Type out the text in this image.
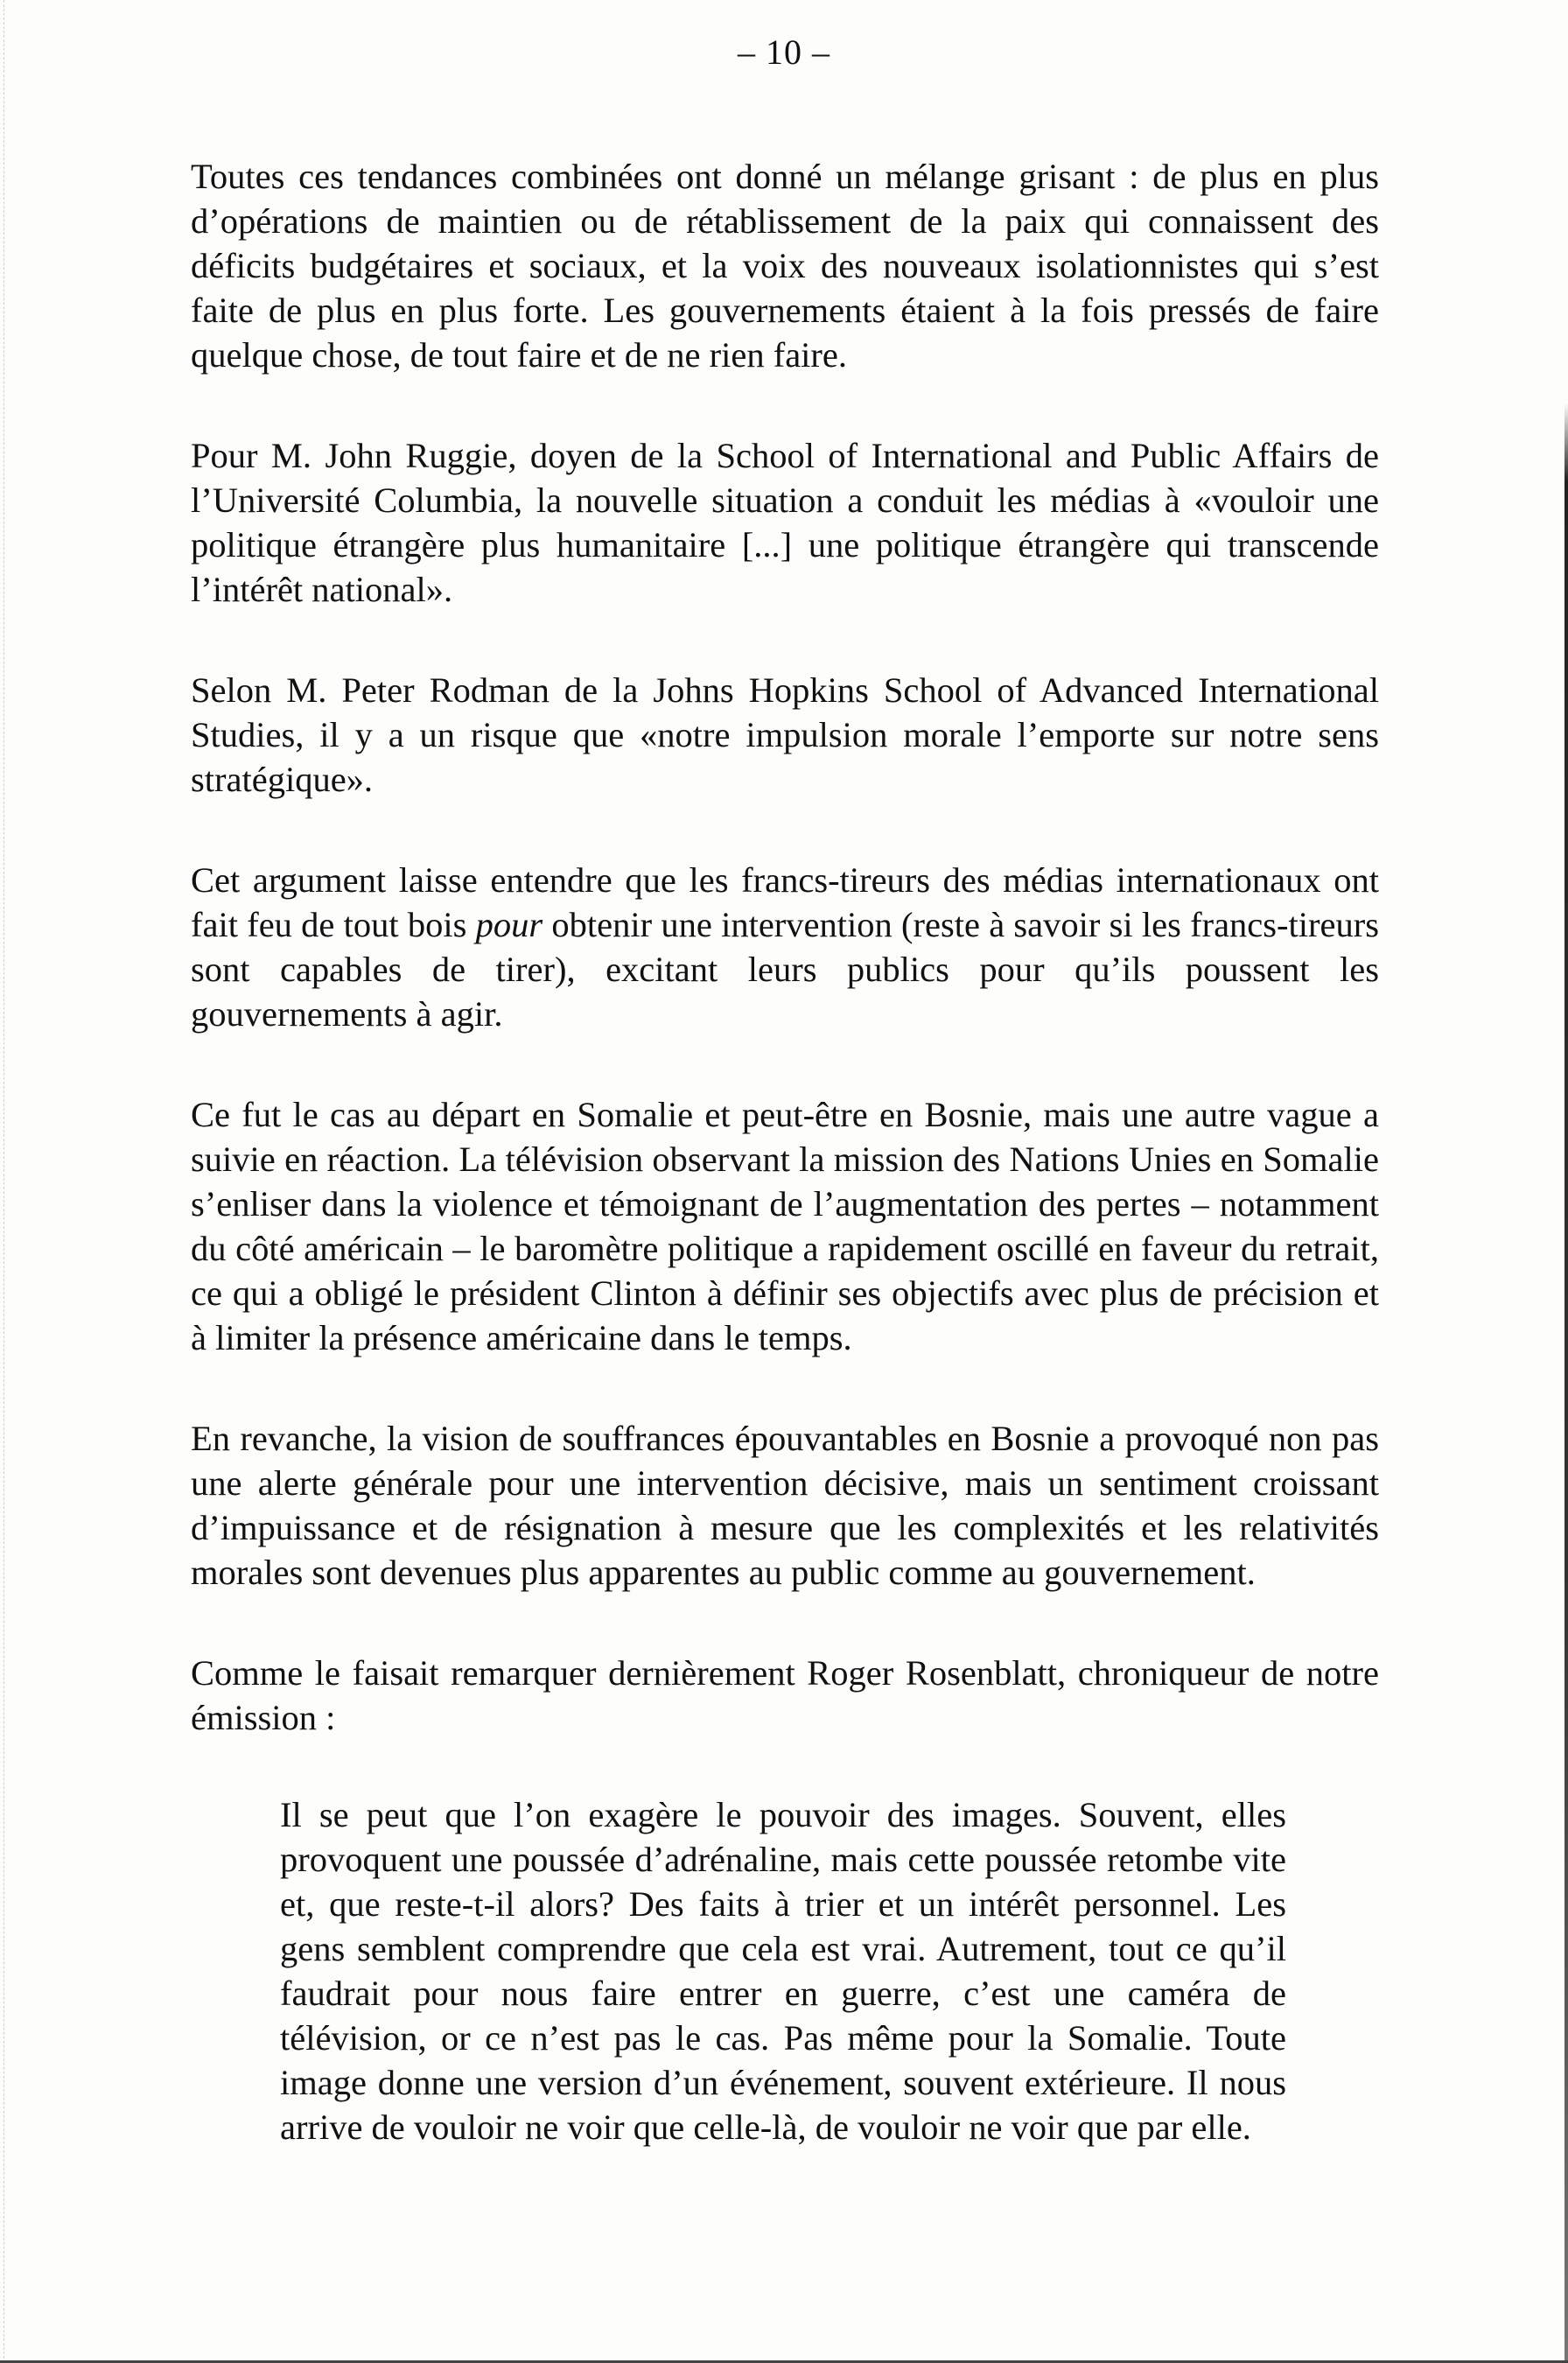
– 10 –

Toutes ces tendances combinées ont donné un mélange grisant : de plus en plus d’opérations de maintien ou de rétablissement de la paix qui connaissent des déficits budgétaires et sociaux, et la voix des nouveaux isolationnistes qui s’est faite de plus en plus forte. Les gouvernements étaient à la fois pressés de faire quelque chose, de tout faire et de ne rien faire.

Pour M. John Ruggie, doyen de la School of International and Public Affairs de l’Université Columbia, la nouvelle situation a conduit les médias à «vouloir une politique étrangère plus humanitaire [...] une politique étrangère qui transcende l’intérêt national».

Selon M. Peter Rodman de la Johns Hopkins School of Advanced International Studies, il y a un risque que «notre impulsion morale l’emporte sur notre sens stratégique».

Cet argument laisse entendre que les francs-tireurs des médias internationaux ont fait feu de tout bois pour obtenir une intervention (reste à savoir si les francs-tireurs sont capables de tirer), excitant leurs publics pour qu’ils poussent les gouvernements à agir.

Ce fut le cas au départ en Somalie et peut-être en Bosnie, mais une autre vague a suivie en réaction. La télévision observant la mission des Nations Unies en Somalie s’enliser dans la violence et témoignant de l’augmentation des pertes – notamment du côté américain – le baromètre politique a rapidement oscillé en faveur du retrait, ce qui a obligé le président Clinton à définir ses objectifs avec plus de précision et à limiter la présence américaine dans le temps.

En revanche, la vision de souffrances épouvantables en Bosnie a provoqué non pas une alerte générale pour une intervention décisive, mais un sentiment croissant d’impuissance et de résignation à mesure que les complexités et les relativités morales sont devenues plus apparentes au public comme au gouvernement.

Comme le faisait remarquer dernièrement Roger Rosenblatt, chroniqueur de notre émission :

Il se peut que l’on exagère le pouvoir des images. Souvent, elles provoquent une poussée d’adrénaline, mais cette poussée retombe vite et, que reste-t-il alors? Des faits à trier et un intérêt personnel. Les gens semblent comprendre que cela est vrai. Autrement, tout ce qu’il faudrait pour nous faire entrer en guerre, c’est une caméra de télévision, or ce n’est pas le cas. Pas même pour la Somalie. Toute image donne une version d’un événement, souvent extérieure. Il nous arrive de vouloir ne voir que celle-là, de vouloir ne voir que par elle.
